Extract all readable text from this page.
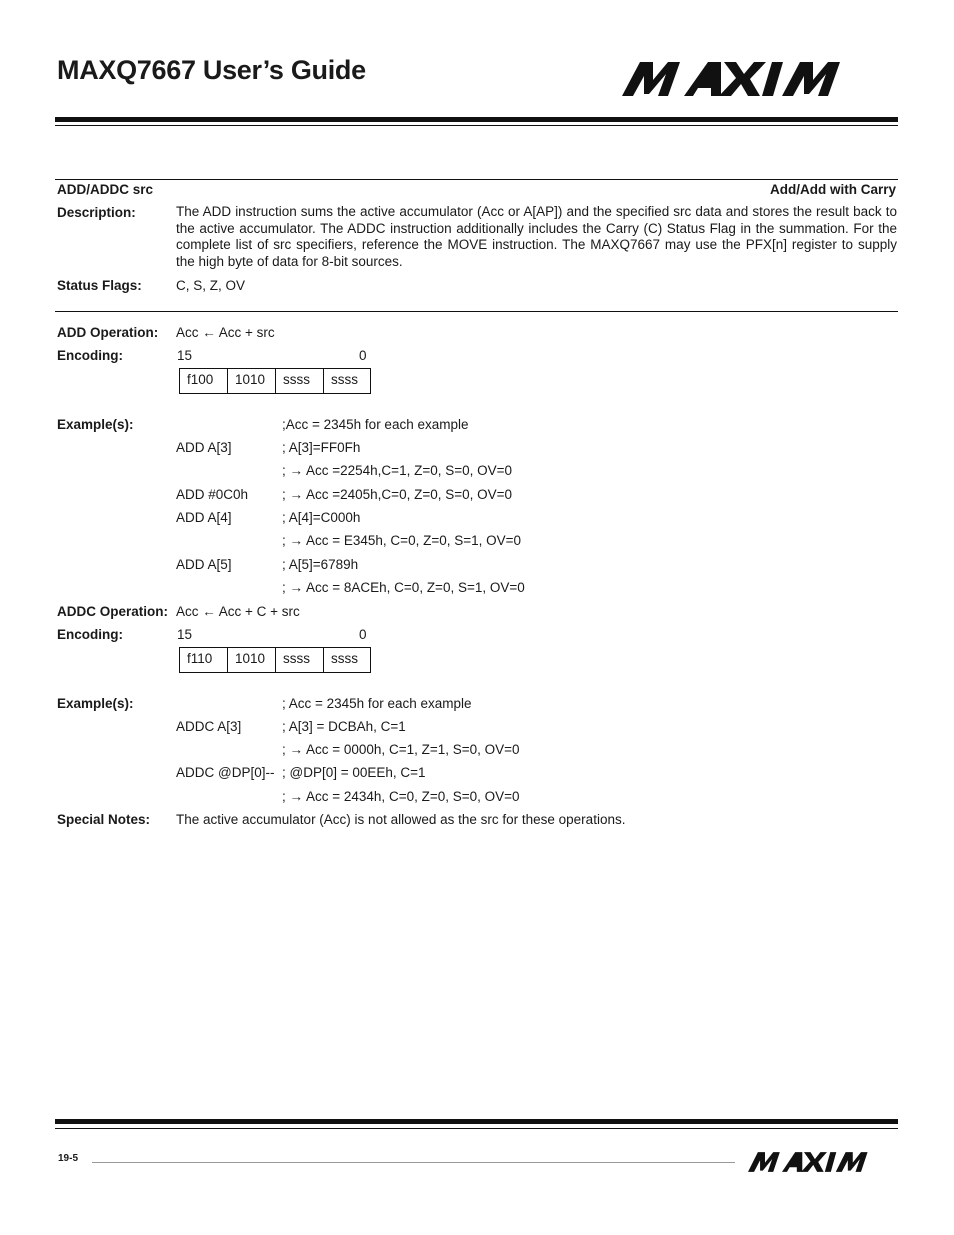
MAXQ7667 User’s Guide
ADD/ADDC src	Add/Add with Carry
Description:	The ADD instruction sums the active accumulator (Acc or A[AP]) and the specified src data and stores the result back to the active accumulator. The ADDC instruction additionally includes the Carry (C) Status Flag in the summation. For the complete list of src specifiers, reference the MOVE instruction. The MAXQ7667 may use the PFX[n] register to supply the high byte of data for 8-bit sources.
Status Flags:	C, S, Z, OV
ADD Operation: Acc ← Acc + src
Encoding:	15	0
f100	1010	ssss	ssss
Example(s):	;Acc = 2345h for each example
ADD A[3]	; A[3]=FF0Fh
; → Acc =2254h,C=1, Z=0, S=0, OV=0
ADD #0C0h	; → Acc =2405h,C=0, Z=0, S=0, OV=0
ADD A[4]	; A[4]=C000h
; → Acc = E345h, C=0, Z=0, S=1, OV=0
ADD A[5]	; A[5]=6789h
; → Acc = 8ACEh, C=0, Z=0, S=1, OV=0
ADDC Operation: Acc ← Acc + C + src
Encoding:	15	0
f110	1010	ssss	ssss
Example(s):	; Acc = 2345h for each example
ADDC A[3]	; A[3] = DCBAh, C=1
; → Acc = 0000h, C=1, Z=1, S=0, OV=0
ADDC @DP[0]-- ; @DP[0] = 00EEh, C=1
; → Acc = 2434h, C=0, Z=0, S=0, OV=0
Special Notes: The active accumulator (Acc) is not allowed as the src for these operations.
19-5
